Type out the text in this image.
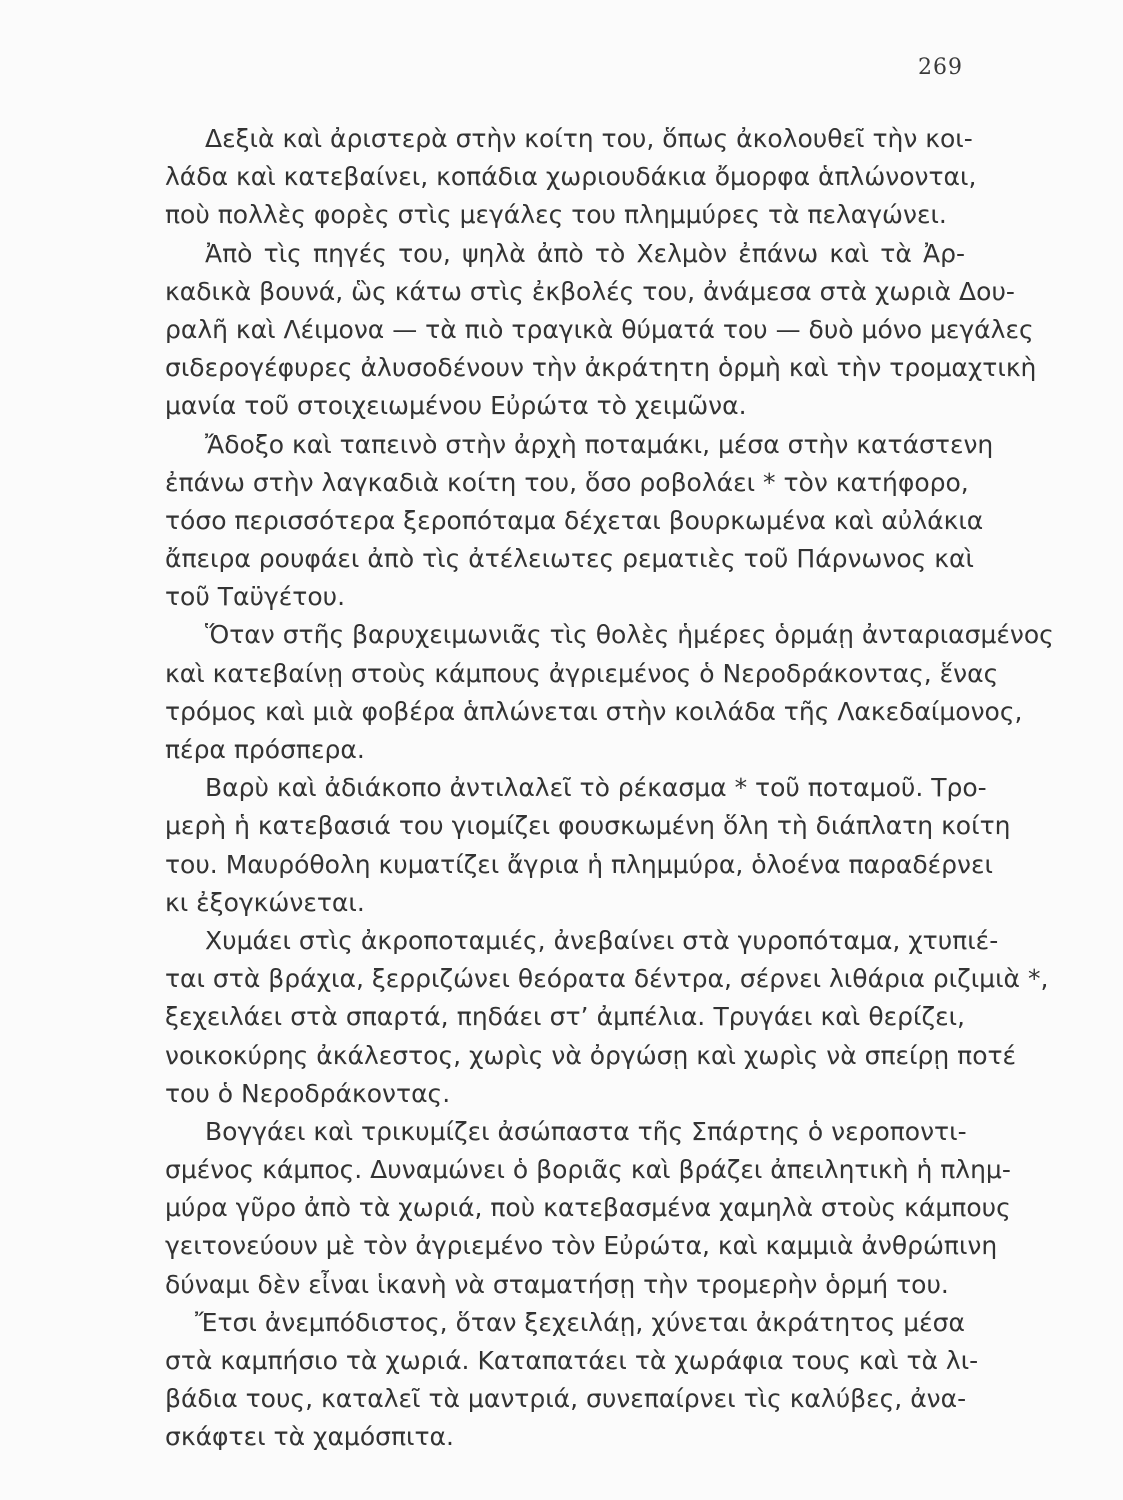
269
Δεξιὰ καὶ ἀριστερὰ στὴν κοίτη του, ὅπως ἀκολουθεῖ τὴν κοι-
λάδα καὶ κατεβαίνει, κοπάδια χωριουδάκια ὄμορφα ἁπλώνονται,
ποὺ πολλὲς φορὲς στὶς μεγάλες του πλημμύρες τὰ πελαγώνει.
Ἀπὸ τὶς πηγές του, ψηλὰ ἀπὸ τὸ Χελμὸν ἐπάνω καὶ τὰ Ἀρ-
καδικὰ βουνά, ὣς κάτω στὶς ἐκβολές του, ἀνάμεσα στὰ χωριὰ Δου-
ραλῆ καὶ Λέιμονα — τὰ πιὸ τραγικὰ θύματά του — δυὸ μόνο μεγάλες
σιδερογέφυρες ἀλυσοδένουν τὴν ἀκράτητη ὁρμὴ καὶ τὴν τρομαχτικὴ
μανία τοῦ στοιχειωμένου Εὐρώτα τὸ χειμῶνα.
Ἄδοξο καὶ ταπεινὸ στὴν ἀρχὴ ποταμάκι, μέσα στὴν κατάστενη
ἐπάνω στὴν λαγκαδιὰ κοίτη του, ὅσο ροβολάει * τὸν κατήφορο,
τόσο περισσότερα ξεροπόταμα δέχεται βουρκωμένα καὶ αὐλάκια
ἄπειρα ρουφάει ἀπὸ τὶς ἀτέλειωτες ρεματιὲς τοῦ Πάρνωνος καὶ
τοῦ Ταϋγέτου.
Ὅταν στῆς βαρυχειμωνιᾶς τὶς θολὲς ἡμέρες ὁρμάῃ ἀνταριασμένος
καὶ κατεβαίνῃ στοὺς κάμπους ἀγριεμένος ὁ Νεροδράκοντας, ἕνας
τρόμος καὶ μιὰ φοβέρα ἁπλώνεται στὴν κοιλάδα τῆς Λακεδαίμονος,
πέρα πρόσπερα.
Βαρὺ καὶ ἀδιάκοπο ἀντιλαλεῖ τὸ ρέκασμα * τοῦ ποταμοῦ. Τρο-
μερὴ ἡ κατεβασιά του γιομίζει φουσκωμένη ὅλη τὴ διάπλατη κοίτη
του. Μαυρόθολη κυματίζει ἄγρια ἡ πλημμύρα, ὁλοένα παραδέρνει
κι ἐξογκώνεται.
Χυμάει στὶς ἀκροποταμιές, ἀνεβαίνει στὰ γυροπόταμα, χτυπιέ-
ται στὰ βράχια, ξερριζώνει θεόρατα δέντρα, σέρνει λιθάρια ριζιμιὰ *,
ξεχειλάει στὰ σπαρτά, πηδάει στ’ ἀμπέλια. Τρυγάει καὶ θερίζει,
νοικοκύρης ἀκάλεστος, χωρὶς νὰ ὀργώσῃ καὶ χωρὶς νὰ σπείρῃ ποτέ
του ὁ Νεροδράκοντας.
Βογγάει καὶ τρικυμίζει ἀσώπαστα τῆς Σπάρτης ὁ νεροποντι-
σμένος κάμπος. Δυναμώνει ὁ βοριᾶς καὶ βράζει ἀπειλητικὴ ἡ πλημ-
μύρα γῦρο ἀπὸ τὰ χωριά, ποὺ κατεβασμένα χαμηλὰ στοὺς κάμπους
γειτονεύουν μὲ τὸν ἀγριεμένο τὸν Εὐρώτα, καὶ καμμιὰ ἀνθρώπινη
δύναμι δὲν εἶναι ἱκανὴ νὰ σταματήσῃ τὴν τρομερὴν ὁρμή του.
Ἔτσι ἀνεμπόδιστος, ὅταν ξεχειλάῃ, χύνεται ἀκράτητος μέσα
στὰ καμπήσιο τὰ χωριά. Καταπατάει τὰ χωράφια τους καὶ τὰ λι-
βάδια τους, καταλεῖ τὰ μαντριά, συνεπαίρνει τὶς καλύβες, ἀνα-
σκάφτει τὰ χαμόσπιτα.
